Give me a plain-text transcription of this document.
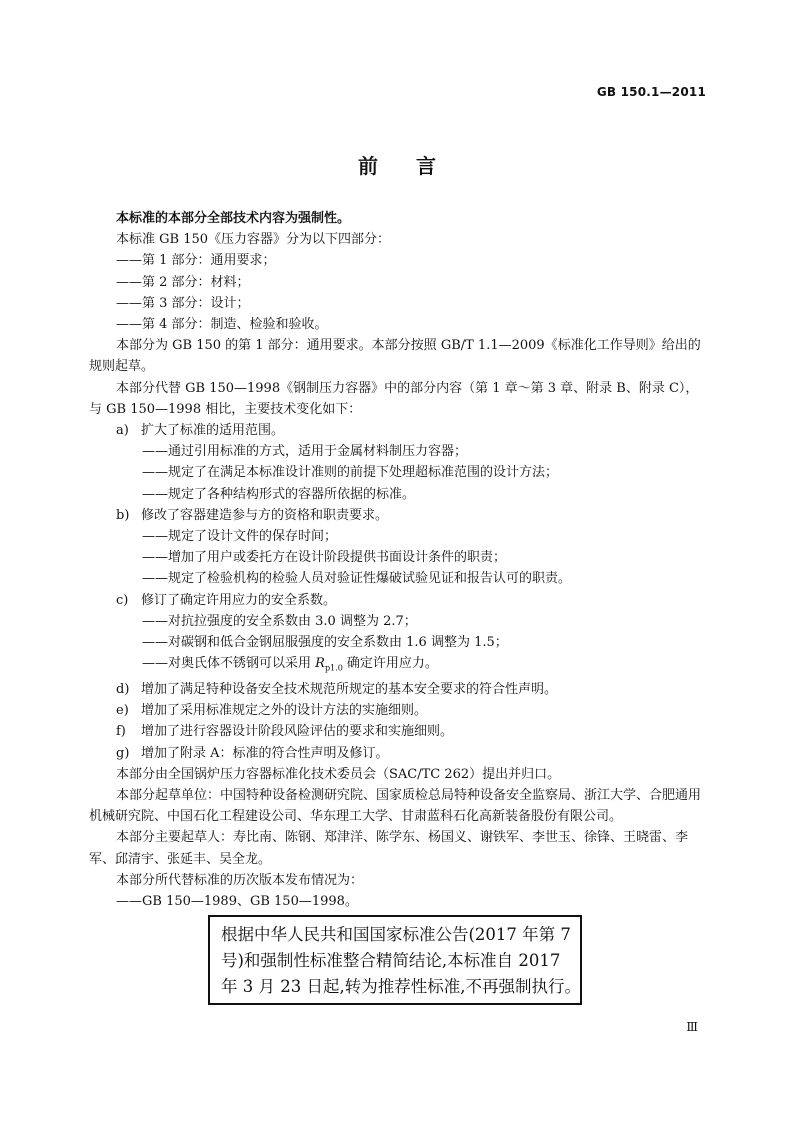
GB 150.1—2011
前 言

本标准的本部分全部技术内容为强制性。

本标准 GB 150《压力容器》分为以下四部分：

——第 1 部分：通用要求；

——第 2 部分：材料；

——第 3 部分：设计；

——第 4 部分：制造、检验和验收。

本部分为 GB 150 的第 1 部分：通用要求。本部分按照 GB/T 1.1—2009《标准化工作导则》给出的规则起草。

本部分代替 GB 150—1998《钢制压力容器》中的部分内容（第 1 章～第 3 章、附录 B、附录 C），与 GB 150—1998 相比，主要技术变化如下：

a) 扩大了标准的适用范围。

——通过引用标准的方式，适用于金属材料制压力容器；

——规定了在满足本标准设计准则的前提下处理超标准范围的设计方法；

——规定了各种结构形式的容器所依据的标准。

b) 修改了容器建造参与方的资格和职责要求。

——规定了设计文件的保存时间；

——增加了用户或委托方在设计阶段提供书面设计条件的职责；

——规定了检验机构的检验人员对验证性爆破试验见证和报告认可的职责。

c) 修订了确定许用应力的安全系数。

——对抗拉强度的安全系数由 3.0 调整为 2.7；

——对碳钢和低合金钢屈服强度的安全系数由 1.6 调整为 1.5；

——对奥氏体不锈钢可以采用 $R_{p1.0}$ 确定许用应力。

d) 增加了满足特种设备安全技术规范所规定的基本安全要求的符合性声明。
e) 增加了采用标准规定之外的设计方法的实施细则。
f)	增加了进行容器设计阶段风险评估的要求和实施细则。
g) 增加了附录 A：标准的符合性声明及修订。

本部分由全国锅炉压力容器标准化技术委员会（SAC/TC 262）提出并归口。

本部分起草单位：中国特种设备检测研究院、国家质检总局特种设备安全监察局、浙江大学、合肥通用机械研究院、中国石化工程建设公司、华东理工大学、甘肃蓝科石化高新装备股份有限公司。

本部分主要起草人：寿比南、陈钢、郑津洋、陈学东、杨国义、谢铁军、李世玉、徐锋、王晓雷、李军、邱清宇、张延丰、吴全龙。

本部分所代替标准的历次版本发布情况为：

——GB 150—1989、GB 150—1998。

根据中华人民共和国国家标准公告(2017 年第 7
号)和强制性标准整合精简结论,本标准自 2017
年 3 月 23 日起,转为推荐性标准,不再强制执行。
Ⅲ
